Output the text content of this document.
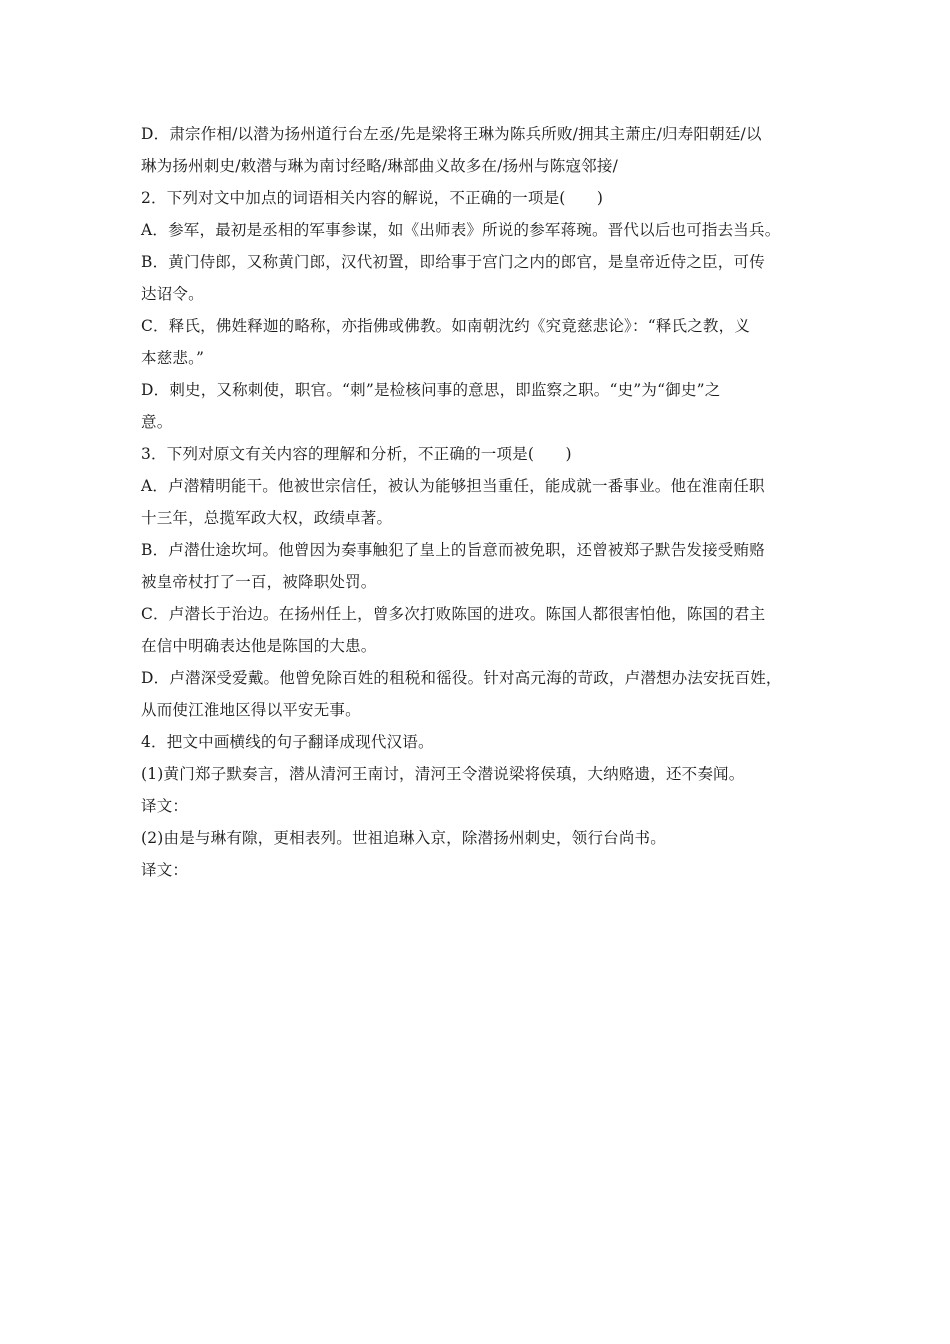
D．肃宗作相/以潜为扬州道行台左丞/先是梁将王琳为陈兵所败/拥其主萧庄/归寿阳朝廷/以
琳为扬州刺史/敕潜与琳为南讨经略/琳部曲义故多在/扬州与陈寇邻接/
2．下列对文中加点的词语相关内容的解说，不正确的一项是(　　)
A．参军，最初是丞相的军事参谋，如《出师表》所说的参军蒋琬。晋代以后也可指去当兵。
B．黄门侍郎，又称黄门郎，汉代初置，即给事于宫门之内的郎官，是皇帝近侍之臣，可传
达诏令。
C．释氏，佛姓释迦的略称，亦指佛或佛教。如南朝沈约《究竟慈悲论》：“释氏之教，义
本慈悲。”
D．刺史，又称刺使，职官。“刺”是检核问事的意思，即监察之职。“史”为“御史”之
意。
3．下列对原文有关内容的理解和分析，不正确的一项是(　　)
A．卢潜精明能干。他被世宗信任，被认为能够担当重任，能成就一番事业。他在淮南任职
十三年，总揽军政大权，政绩卓著。
B．卢潜仕途坎坷。他曾因为奏事触犯了皇上的旨意而被免职，还曾被郑子默告发接受贿赂
被皇帝杖打了一百，被降职处罚。
C．卢潜长于治边。在扬州任上，曾多次打败陈国的进攻。陈国人都很害怕他，陈国的君主
在信中明确表达他是陈国的大患。
D．卢潜深受爱戴。他曾免除百姓的租税和徭役。针对高元海的苛政，卢潜想办法安抚百姓，
从而使江淮地区得以平安无事。
4．把文中画横线的句子翻译成现代汉语。
(1)黄门郑子默奏言，潜从清河王南讨，清河王令潜说梁将侯瑱，大纳赂遗，还不奏闻。
译文：
(2)由是与琳有隙，更相表列。世祖追琳入京，除潜扬州刺史，领行台尚书。
译文：
